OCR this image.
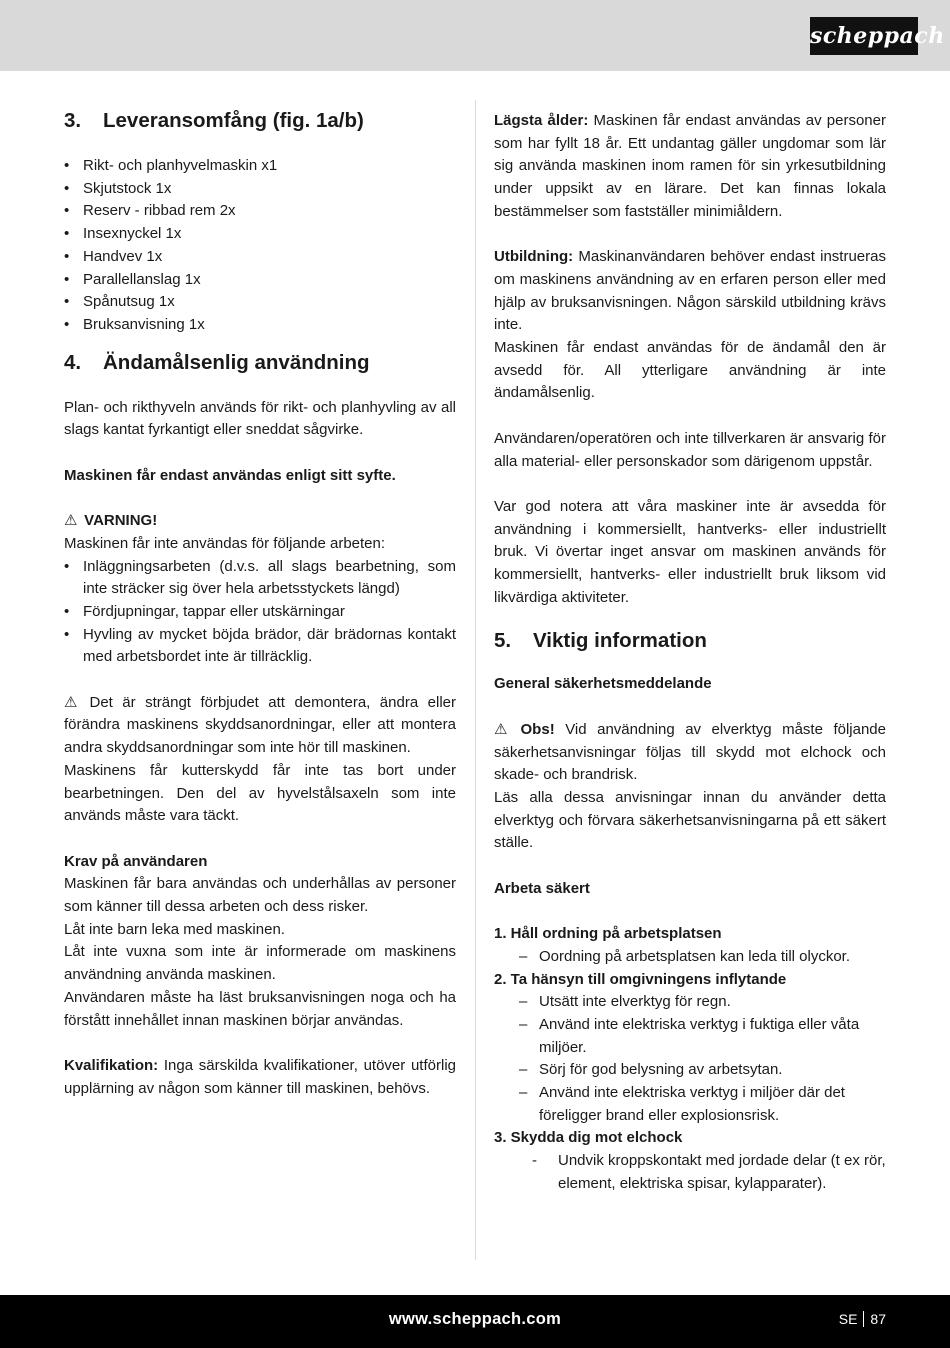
scheppach
3. Leveransomfång (fig. 1a/b)
• Rikt- och planhyvelmaskin x1
• Skjutstock 1x
• Reserv - ribbad rem 2x
• Insexnyckel 1x
• Handvev 1x
• Parallellanslag 1x
• Spånutsug 1x
• Bruksanvisning 1x
4. Ändamålsenlig användning

Plan- och rikthyveln används för rikt- och planhyvling av all slags kantat fyrkantigt eller sneddat sågvirke.

Maskinen får endast användas enligt sitt syfte.

⚠ VARNING!

Maskinen får inte användas för följande arbeten:

• Inläggningsarbeten (d.v.s. all slags bearbetning, som inte sträcker sig över hela arbetsstyckets längd)
• Fördjupningar, tappar eller utskärningar
• Hyvling av mycket böjda brädor, där brädornas kontakt med arbetsbordet inte är tillräcklig.

⚠ Det är strängt förbjudet att demontera, ändra eller förändra maskinens skyddsanordningar, eller att montera andra skyddsanordningar som inte hör till maskinen.

Maskinens får kutterskydd får inte tas bort under bearbetningen. Den del av hyvelstålsaxeln som inte används måste vara täckt.

Krav på användaren

Maskinen får bara användas och underhållas av personer som känner till dessa arbeten och dess risker.

Låt inte barn leka med maskinen.

Låt inte vuxna som inte är informerade om maskinens användning använda maskinen.

Användaren måste ha läst bruksanvisningen noga och ha förstått innehållet innan maskinen börjar användas.

Kvalifikation: Inga särskilda kvalifikationer, utöver utförlig upplärning av någon som känner till maskinen, behövs.

Lägsta ålder: Maskinen får endast användas av personer som har fyllt 18 år. Ett undantag gäller ungdomar som lär sig använda maskinen inom ramen för sin yrkesutbildning under uppsikt av en lärare. Det kan finnas lokala bestämmelser som fastställer minimiåldern.

Utbildning: Maskinanvändaren behöver endast instrueras om maskinens användning av en erfaren person eller med hjälp av bruksanvisningen. Någon särskild utbildning krävs inte.

Maskinen får endast användas för de ändamål den är avsedd för. All ytterligare användning är inte ändamålsenlig.

Användaren/operatören och inte tillverkaren är ansvarig för alla material- eller personskador som därigenom uppstår.

Var god notera att våra maskiner inte är avsedda för användning i kommersiellt, hantverks- eller industriellt bruk. Vi övertar inget ansvar om maskinen används för kommersiellt, hantverks- eller industriellt bruk liksom vid likvärdiga aktiviteter.

5. Viktig information

General säkerhetsmeddelande

⚠ Obs! Vid användning av elverktyg måste följande säkerhetsanvisningar följas till skydd mot elchock och skade- och brandrisk.

Läs alla dessa anvisningar innan du använder detta elverktyg och förvara säkerhetsanvisningarna på ett säkert ställe.

Arbeta säkert

1. Håll ordning på arbetsplatsen

– Oordning på arbetsplatsen kan leda till olyckor.

2. Ta hänsyn till omgivningens inflytande

– Utsätt inte elverktyg för regn.
– Använd inte elektriska verktyg i fuktiga eller våta miljöer.
– Sörj för god belysning av arbetsytan.
– Använd inte elektriska verktyg i miljöer där det föreligger brand eller explosionsrisk.

3. Skydda dig mot elchock

- Undvik kroppskontakt med jordade delar (t ex rör, element, elektriska spisar, kylapparater).
www.scheppach.com	SE 87
